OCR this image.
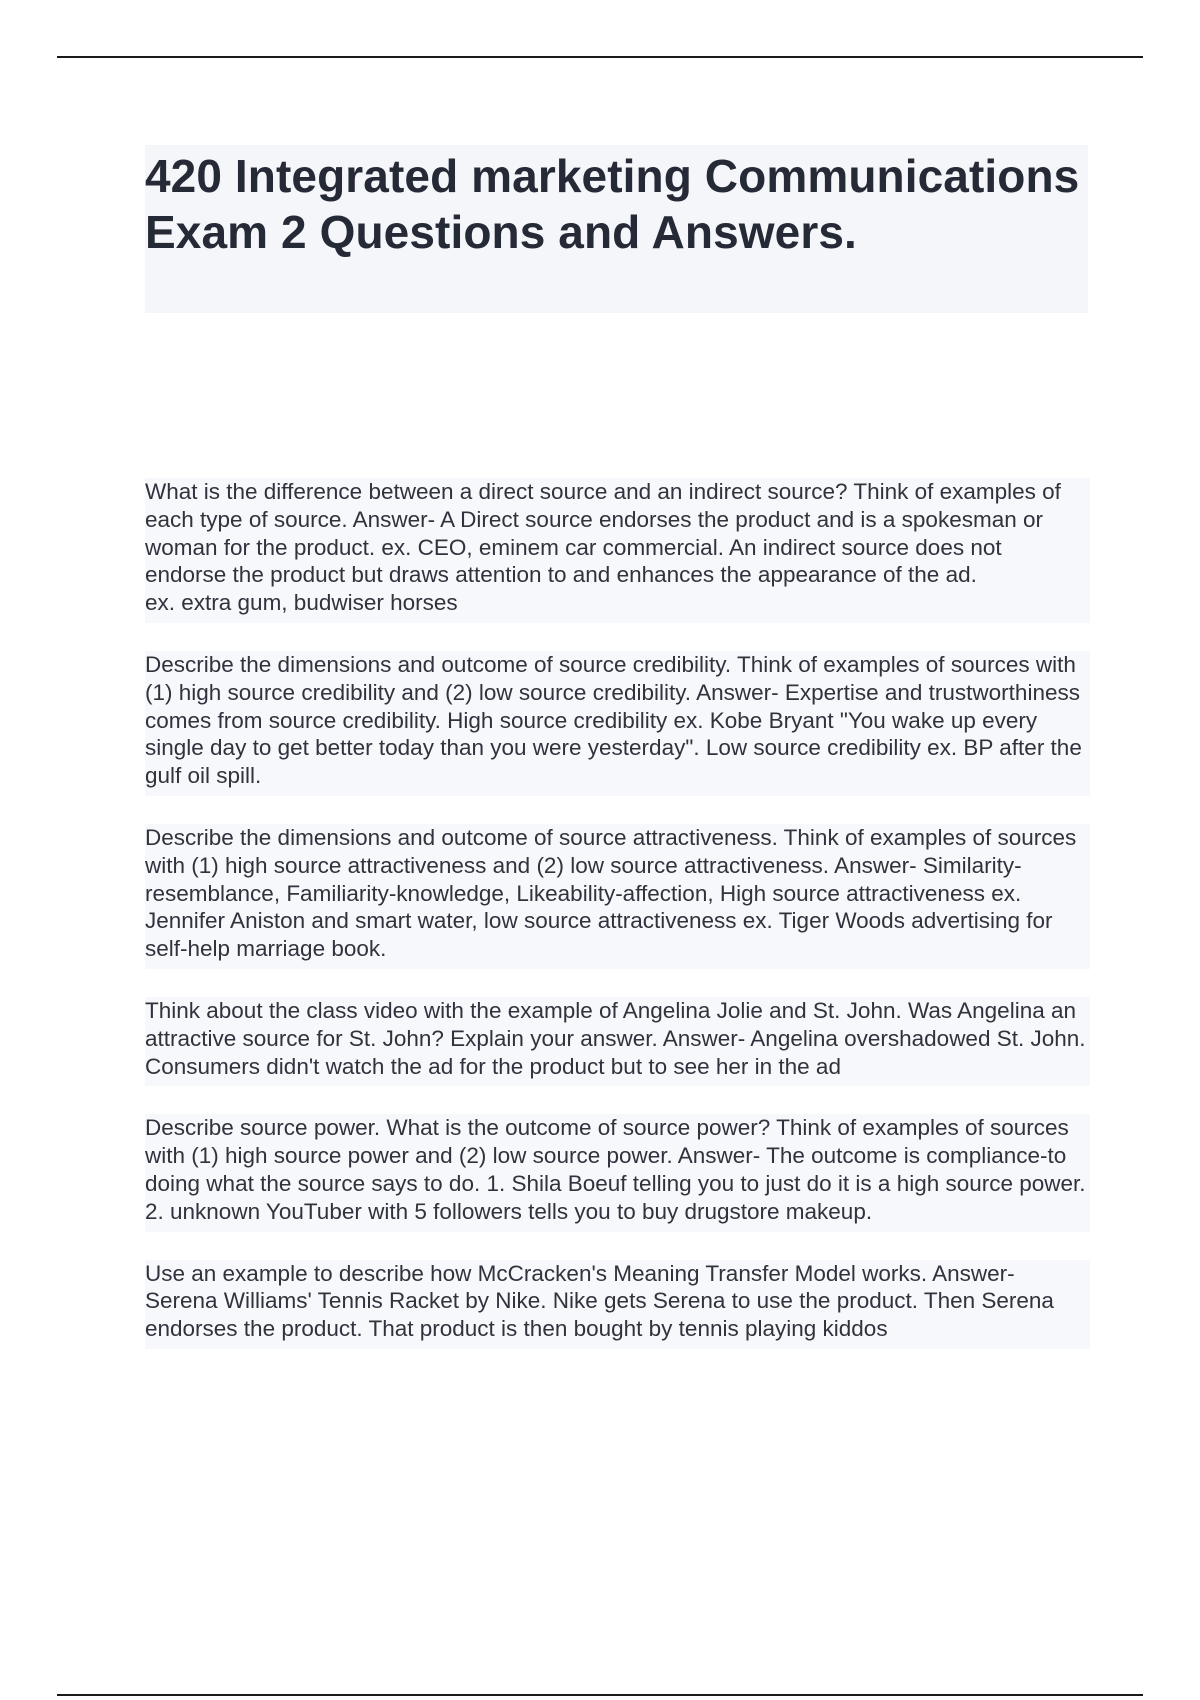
420 Integrated marketing Communications Exam 2 Questions and Answers.

What is the difference between a direct source and an indirect source? Think of examples of each type of source. Answer- A Direct source endorses the product and is a spokesman or woman for the product. ex. CEO, eminem car commercial. An indirect source does not endorse the product but draws attention to and enhances the appearance of the ad.
ex. extra gum, budwiser horses

Describe the dimensions and outcome of source credibility. Think of examples of sources with (1) high source credibility and (2) low source credibility. Answer- Expertise and trustworthiness comes from source credibility. High source credibility ex. Kobe Bryant "You wake up every single day to get better today than you were yesterday". Low source credibility ex. BP after the gulf oil spill.

Describe the dimensions and outcome of source attractiveness. Think of examples of sources with (1) high source attractiveness and (2) low source attractiveness. Answer- Similarity-resemblance, Familiarity-knowledge, Likeability-affection, High source attractiveness ex. Jennifer Aniston and smart water, low source attractiveness ex. Tiger Woods advertising for self-help marriage book.

Think about the class video with the example of Angelina Jolie and St. John. Was Angelina an attractive source for St. John? Explain your answer. Answer- Angelina overshadowed St. John. Consumers didn't watch the ad for the product but to see her in the ad

Describe source power. What is the outcome of source power? Think of examples of sources with (1) high source power and (2) low source power. Answer- The outcome is compliance-to doing what the source says to do. 1. Shila Boeuf telling you to just do it is a high source power. 2. unknown YouTuber with 5 followers tells you to buy drugstore makeup.

Use an example to describe how McCracken's Meaning Transfer Model works. Answer- Serena Williams' Tennis Racket by Nike. Nike gets Serena to use the product. Then Serena endorses the product. That product is then bought by tennis playing kiddos
